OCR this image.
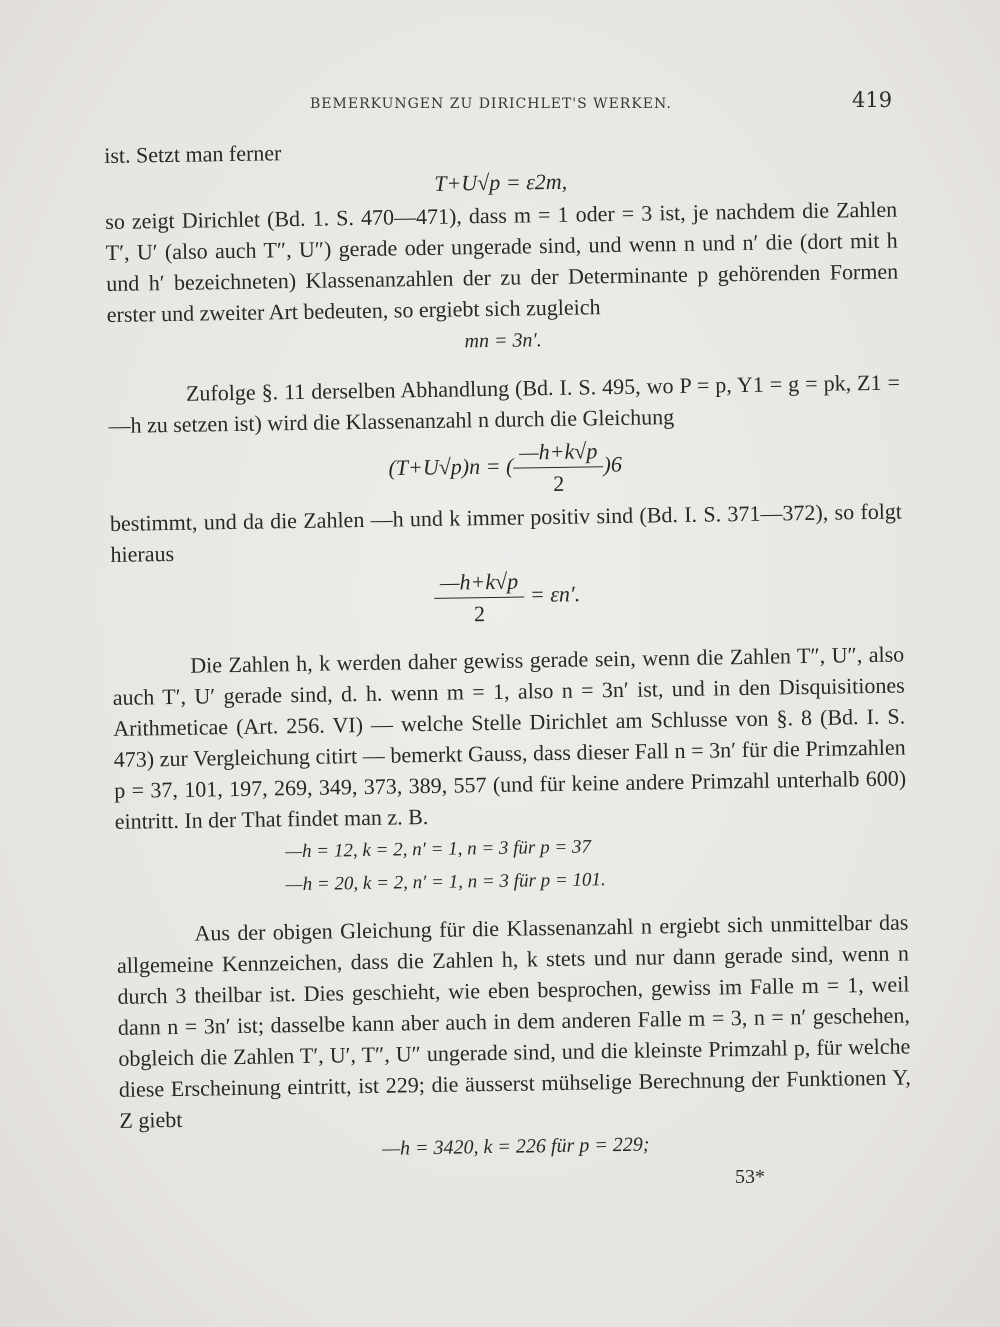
BEMERKUNGEN ZU DIRICHLET'S WERKEN.	419

ist. Setzt man ferner

T+U√p = ε2m,

so zeigt Dirichlet (Bd. 1. S. 470—471), dass m = 1 oder = 3 ist, je nachdem die Zahlen T′, U′ (also auch T″, U″) gerade oder ungerade sind, und wenn n und n′ die (dort mit h und h′ bezeichneten) Klassenanzahlen der zu der Determinante p gehörenden Formen erster und zweiter Art bedeuten, so ergiebt sich zugleich

mn = 3n′.

Zufolge §. 11 derselben Abhandlung (Bd. I. S. 495, wo P = p, Y1 = g = pk, Z1 = —h zu setzen ist) wird die Klassenanzahl n durch die Gleichung

(T+U√p)n = ( $\frac{—h+k√p}{2} )6$

bestimmt, und da die Zahlen —h und k immer positiv sind (Bd. I. S. 371—372), so folgt hieraus

$\frac{—h+k√p}{2} = \varepsilon n'$.

Die Zahlen h, k werden daher gewiss gerade sein, wenn die Zahlen T″, U″, also auch T′, U′ gerade sind, d. h. wenn m = 1, also n = 3n′ ist, und in den Disquisitiones Arithmeticae (Art. 256. VI) — welche Stelle Dirichlet am Schlusse von §. 8 (Bd. I. S. 473) zur Vergleichung citirt — bemerkt Gauss, dass dieser Fall n = 3n′ für die Primzahlen p = 37, 101, 197, 269, 349, 373, 389, 557 (und für keine andere Primzahl unterhalb 600) eintritt. In der That findet man z. B.

—h = 12, k = 2, n′ = 1, n = 3 für p = 37
—h = 20, k = 2, n′ = 1, n = 3 für p = 101.

Aus der obigen Gleichung für die Klassenanzahl n ergiebt sich unmittelbar das allgemeine Kennzeichen, dass die Zahlen h, k stets und nur dann gerade sind, wenn n durch 3 theilbar ist. Dies geschieht, wie eben besprochen, gewiss im Falle m = 1, weil dann n = 3n′ ist; dasselbe kann aber auch in dem anderen Falle m = 3, n = n′ geschehen, obgleich die Zahlen T′, U′, T″, U″ ungerade sind, und die kleinste Primzahl p, für welche diese Erscheinung eintritt, ist 229; die äusserst mühselige Berechnung der Funktionen Y, Z giebt

—h = 3420, k = 226 für p = 229;
53*
